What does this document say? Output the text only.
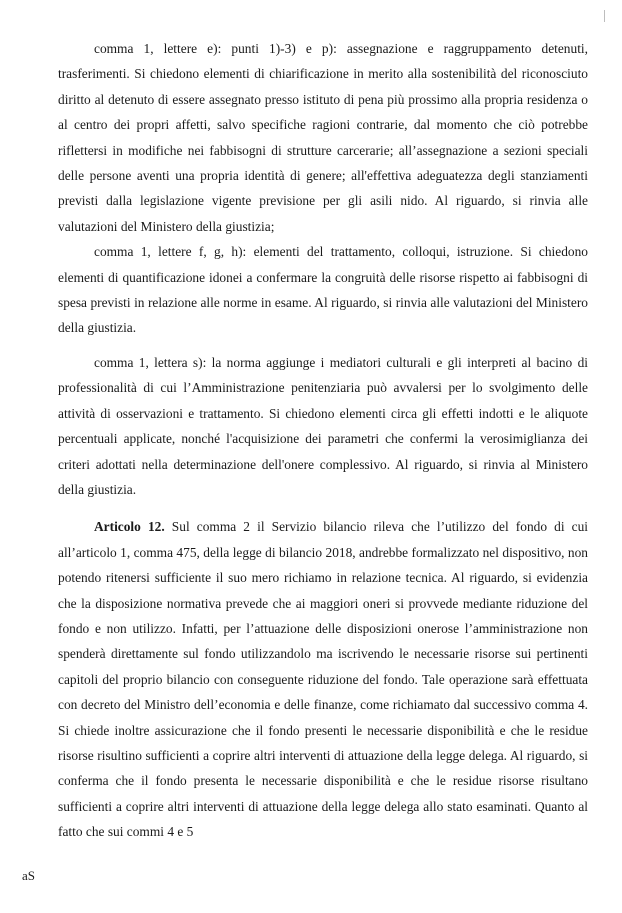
comma 1, lettere e): punti 1)-3) e p): assegnazione e raggruppamento detenuti, trasferimenti. Si chiedono elementi di chiarificazione in merito alla sostenibilità del riconosciuto diritto al detenuto di essere assegnato presso istituto di pena più prossimo alla propria residenza o al centro dei propri affetti, salvo specifiche ragioni contrarie, dal momento che ciò potrebbe riflettersi in modifiche nei fabbisogni di strutture carcerarie; all’assegnazione a sezioni speciali delle persone aventi una propria identità di genere; all'effettiva adeguatezza degli stanziamenti previsti dalla legislazione vigente previsione per gli asili nido. Al riguardo, si rinvia alle valutazioni del Ministero della giustizia;

comma 1, lettere f, g, h): elementi del trattamento, colloqui, istruzione. Si chiedono elementi di quantificazione idonei a confermare la congruità delle risorse rispetto ai fabbisogni di spesa previsti in relazione alle norme in esame. Al riguardo, si rinvia alle valutazioni del Ministero della giustizia.

comma 1, lettera s): la norma aggiunge i mediatori culturali e gli interpreti al bacino di professionalità di cui l’Amministrazione penitenziaria può avvalersi per lo svolgimento delle attività di osservazioni e trattamento. Si chiedono elementi circa gli effetti indotti e le aliquote percentuali applicate, nonché l'acquisizione dei parametri che confermi la verosimiglianza dei criteri adottati nella determinazione dell'onere complessivo. Al riguardo, si rinvia al Ministero della giustizia.

Articolo 12. Sul comma 2 il Servizio bilancio rileva che l’utilizzo del fondo di cui all’articolo 1, comma 475, della legge di bilancio 2018, andrebbe formalizzato nel dispositivo, non potendo ritenersi sufficiente il suo mero richiamo in relazione tecnica. Al riguardo, si evidenzia che la disposizione normativa prevede che ai maggiori oneri si provvede mediante riduzione del fondo e non utilizzo. Infatti, per l’attuazione delle disposizioni onerose l’amministrazione non spenderà direttamente sul fondo utilizzandolo ma iscrivendo le necessarie risorse sui pertinenti capitoli del proprio bilancio con conseguente riduzione del fondo. Tale operazione sarà effettuata con decreto del Ministro dell’economia e delle finanze, come richiamato dal successivo comma 4. Si chiede inoltre assicurazione che il fondo presenti le necessarie disponibilità e che le residue risorse risultino sufficienti a coprire altri interventi di attuazione della legge delega. Al riguardo, si conferma che il fondo presenta le necessarie disponibilità e che le residue risorse risultano sufficienti a coprire altri interventi di attuazione della legge delega allo stato esaminati. Quanto al fatto che sui commi 4 e 5

aS
